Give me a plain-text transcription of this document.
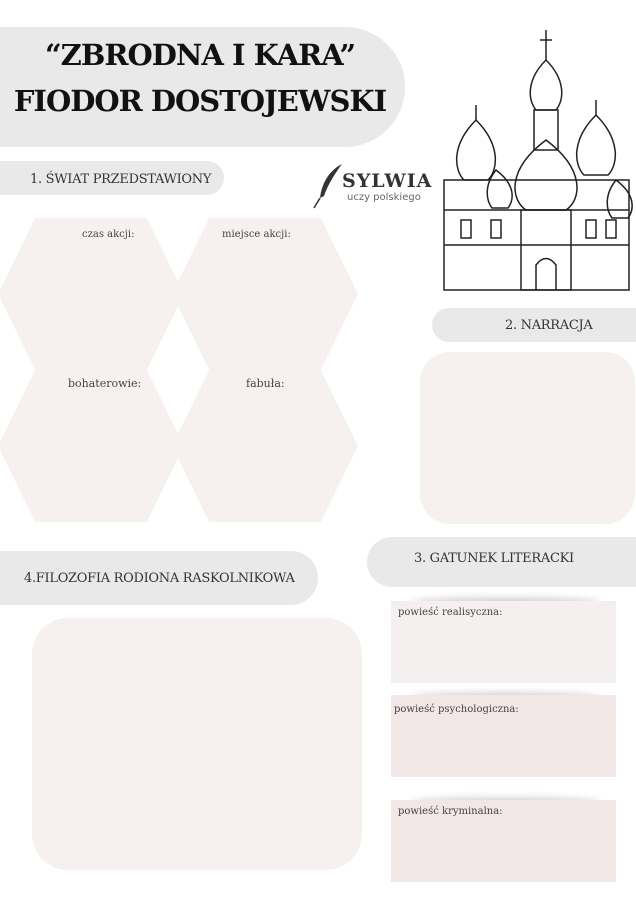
“ZBRODNA I KARA”
FIODOR DOSTOJEWSKI
1. ŚWIAT PRZEDSTAWIONY	SYLWIA
uczy polskiego
czas akcji:	miejsce akcji:
bohaterowie:	fabuła:
2. NARRACJA
3. GATUNEK LITERACKI
4.FILOZOFIA RODIONA RASKOLNIKOWA
powieść realisyczna:
powieść psychologiczna:
powieść kryminalna:
